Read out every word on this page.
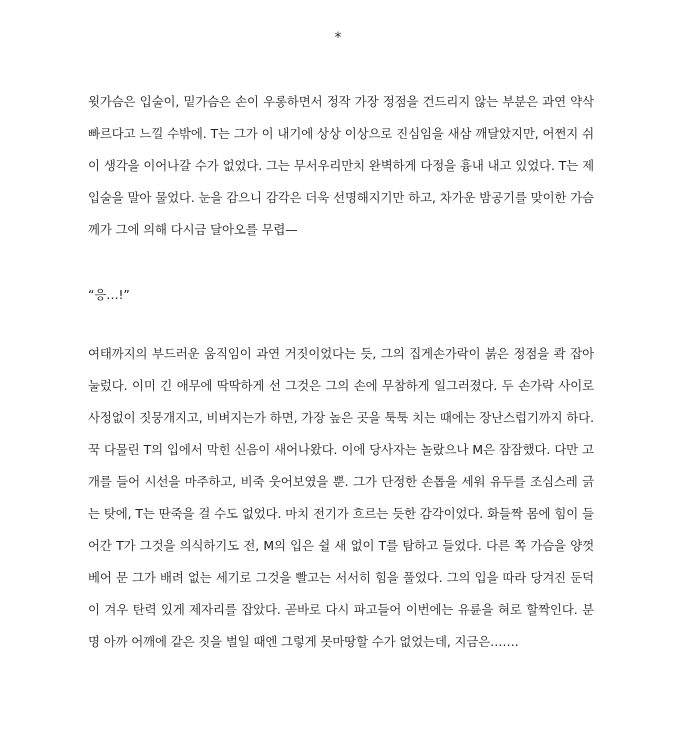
*

윗가슴은 입술이, 밑가슴은 손이 우롱하면서 정작 가장 정점을 건드리지 않는 부분은 과연 약삭빠르다고 느낄 수밖에. T는 그가 이 내기에 상상 이상으로 진심임을 새삼 깨달았지만, 어쩐지 쉬이 생각을 이어나갈 수가 없었다. 그는 무서우리만치 완벽하게 다정을 흉내 내고 있었다. T는 제 입술을 말아 물었다. 눈을 감으니 감각은 더욱 선명해지기만 하고, 차가운 밤공기를 맞이한 가슴께가 그에 의해 다시금 달아오를 무렵—

“응…!”

여태까지의 부드러운 움직임이 과연 거짓이었다는 듯, 그의 집게손가락이 붉은 정점을 콱 잡아 눌렀다. 이미 긴 애무에 딱딱하게 선 그것은 그의 손에 무참하게 일그러졌다. 두 손가락 사이로 사정없이 짓뭉개지고, 비벼지는가 하면, 가장 높은 곳을 툭툭 치는 때에는 장난스럽기까지 하다. 꾹 다물린 T의 입에서 막힌 신음이 새어나왔다. 이에 당사자는 놀랐으나 M은 잠잠했다. 다만 고개를 들어 시선을 마주하고, 비죽 웃어보였을 뿐. 그가 단정한 손톱을 세워 유두를 조심스레 긁는 탓에, T는 딴죽을 걸 수도 없었다. 마치 전기가 흐르는 듯한 감각이었다. 화들짝 몸에 힘이 들어간 T가 그것을 의식하기도 전, M의 입은 쉴 새 없이 T를 탐하고 들었다. 다른 쪽 가슴을 양껏 베어 문 그가 배려 없는 세기로 그것을 빨고는 서서히 힘을 풀었다. 그의 입을 따라 당겨진 둔덕이 겨우 탄력 있게 제자리를 잡았다. 곧바로 다시 파고들어 이번에는 유륜을 혀로 할짝인다. 분명 아까 어깨에 같은 짓을 벌일 때엔 그렇게 못마땅할 수가 없었는데, 지금은…….
